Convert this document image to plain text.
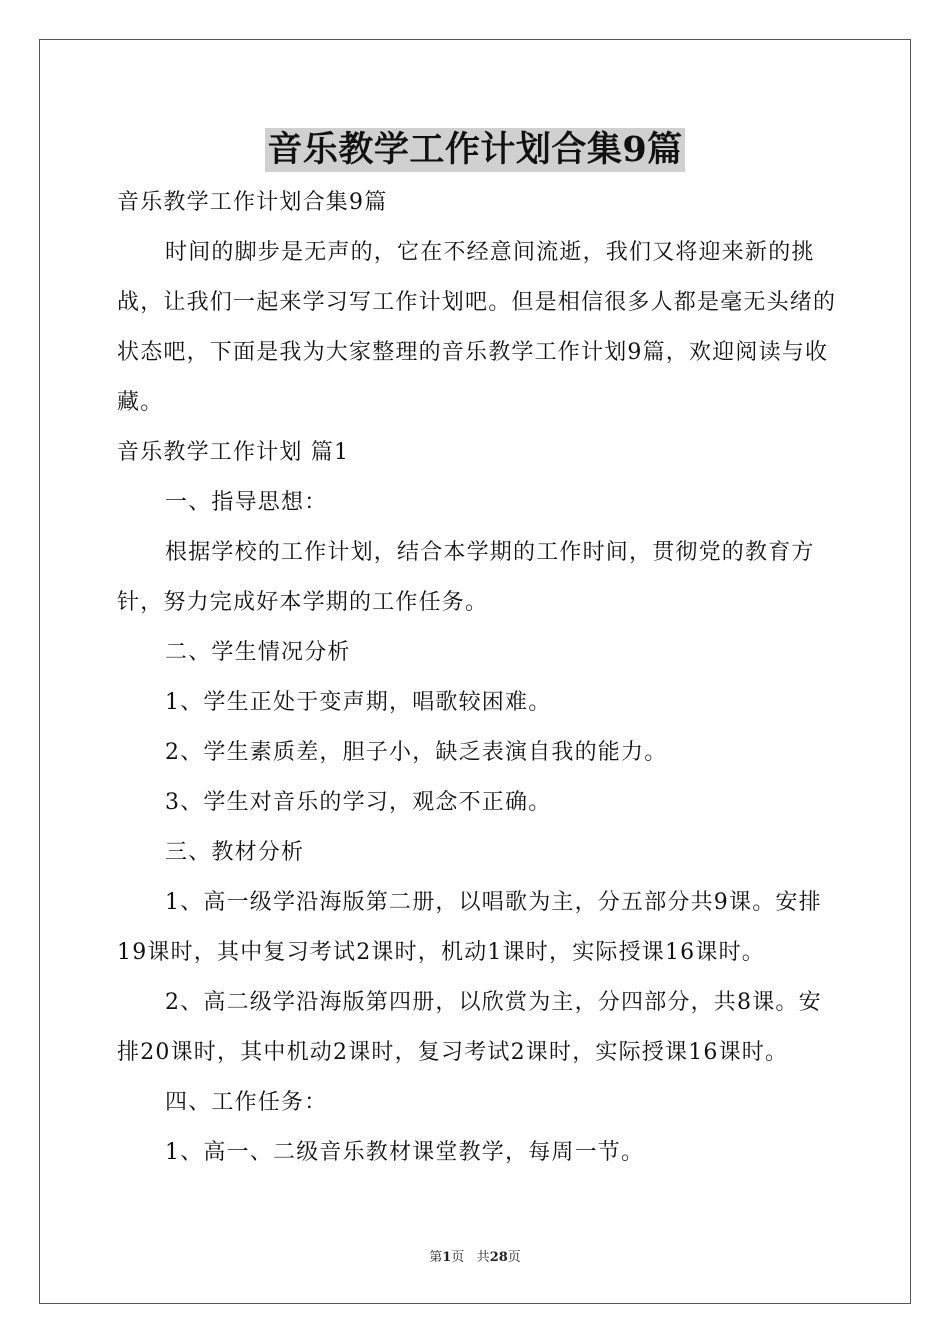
音乐教学工作计划合集9篇

音乐教学工作计划合集9篇

时间的脚步是无声的，它在不经意间流逝，我们又将迎来新的挑战，让我们一起来学习写工作计划吧。但是相信很多人都是毫无头绪的状态吧，下面是我为大家整理的音乐教学工作计划9篇，欢迎阅读与收藏。

音乐教学工作计划 篇1

一、指导思想：

根据学校的工作计划，结合本学期的工作时间，贯彻党的教育方针，努力完成好本学期的工作任务。

二、学生情况分析

1、学生正处于变声期，唱歌较困难。

2、学生素质差，胆子小，缺乏表演自我的能力。

3、学生对音乐的学习，观念不正确。

三、教材分析

1、高一级学沿海版第二册，以唱歌为主，分五部分共9课。安排19课时，其中复习考试2课时，机动1课时，实际授课16课时。

2、高二级学沿海版第四册，以欣赏为主，分四部分，共8课。安排20课时，其中机动2课时，复习考试2课时，实际授课16课时。

四、工作任务：

1、高一、二级音乐教材课堂教学，每周一节。

第1页 共28页
